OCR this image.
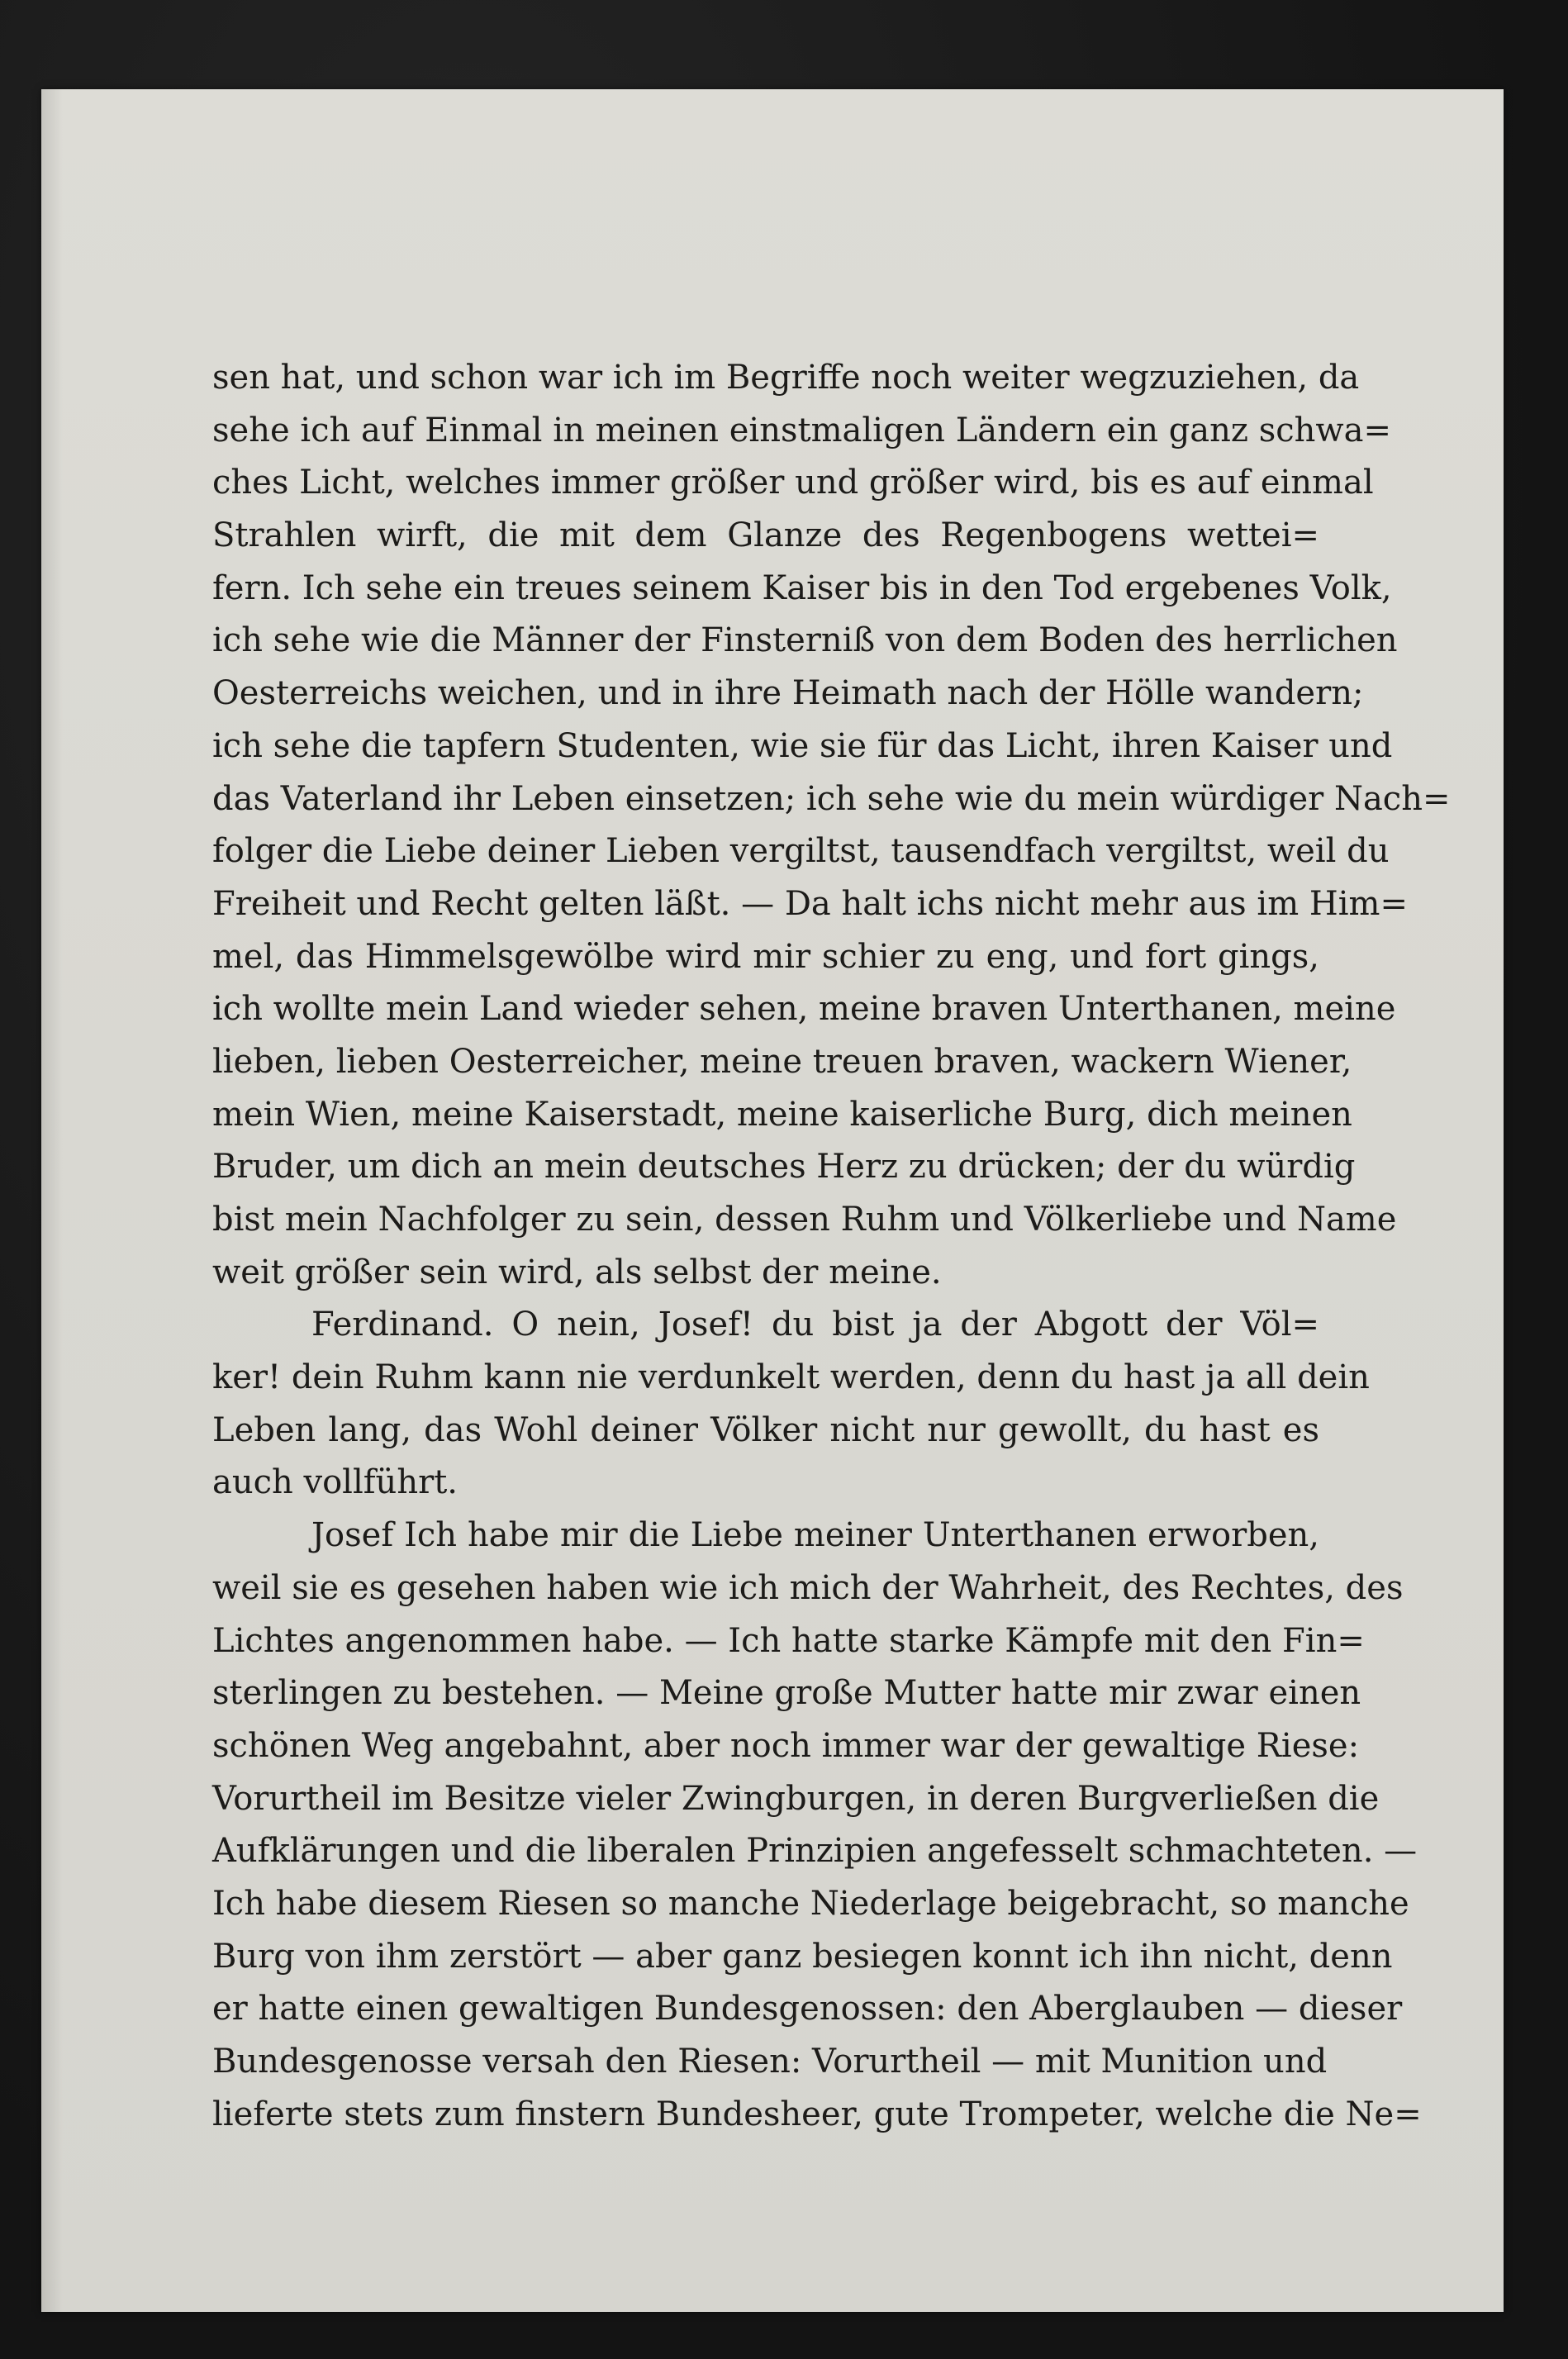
sen hat, und schon war ich im Begriffe noch weiter wegzuziehen, da
sehe ich auf Einmal in meinen einstmaligen Ländern ein ganz schwa=
ches Licht, welches immer größer und größer wird, bis es auf einmal
Strahlen wirft, die mit dem Glanze des Regenbogens wettei=
fern. Ich sehe ein treues seinem Kaiser bis in den Tod ergebenes Volk,
ich sehe wie die Männer der Finsterniß von dem Boden des herrlichen
Oesterreichs weichen, und in ihre Heimath nach der Hölle wandern;
ich sehe die tapfern Studenten, wie sie für das Licht, ihren Kaiser und
das Vaterland ihr Leben einsetzen; ich sehe wie du mein würdiger Nach=
folger die Liebe deiner Lieben vergiltst, tausendfach vergiltst, weil du
Freiheit und Recht gelten läßt. — Da halt ichs nicht mehr aus im Him=
mel, das Himmelsgewölbe wird mir schier zu eng, und fort gings,
ich wollte mein Land wieder sehen, meine braven Unterthanen, meine
lieben, lieben Oesterreicher, meine treuen braven, wackern Wiener,
mein Wien, meine Kaiserstadt, meine kaiserliche Burg, dich meinen
Bruder, um dich an mein deutsches Herz zu drücken; der du würdig
bist mein Nachfolger zu sein, dessen Ruhm und Völkerliebe und Name
weit größer sein wird, als selbst der meine.
Ferdinand. O nein, Josef! du bist ja der Abgott der Völ=
ker! dein Ruhm kann nie verdunkelt werden, denn du hast ja all dein
Leben lang, das Wohl deiner Völker nicht nur gewollt, du hast es
auch vollführt.
Josef Ich habe mir die Liebe meiner Unterthanen erworben,
weil sie es gesehen haben wie ich mich der Wahrheit, des Rechtes, des
Lichtes angenommen habe. — Ich hatte starke Kämpfe mit den Fin=
sterlingen zu bestehen. — Meine große Mutter hatte mir zwar einen
schönen Weg angebahnt, aber noch immer war der gewaltige Riese:
Vorurtheil im Besitze vieler Zwingburgen, in deren Burgverließen die
Aufklärungen und die liberalen Prinzipien angefesselt schmachteten. —
Ich habe diesem Riesen so manche Niederlage beigebracht, so manche
Burg von ihm zerstört — aber ganz besiegen konnt ich ihn nicht, denn
er hatte einen gewaltigen Bundesgenossen: den Aberglauben — dieser
Bundesgenosse versah den Riesen: Vorurtheil — mit Munition und
lieferte stets zum finstern Bundesheer, gute Trompeter, welche die Ne=
